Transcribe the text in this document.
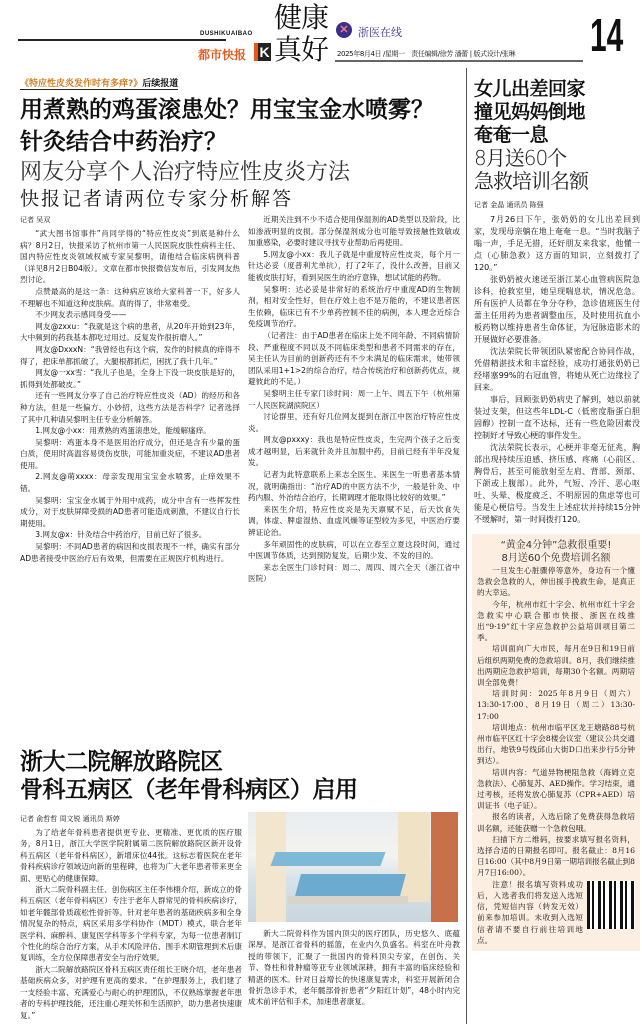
DUSHIKUAIBAO
都市快报 K
健康真好
✕ 浙医在线
2025年8月4日 /星期一　责任编辑/徐芳 潘蕾 | 版式设计/张琳	14
《特应性皮炎发作时有多痒?》后续报道
用煮熟的鸡蛋滚患处？用宝宝金水喷雾？
针灸结合中药治疗？
网友分享个人治疗特应性皮炎方法
快报记者请两位专家分析解答
记者 吴双

“武大图书馆事件”肖同学得的“特应性皮炎”到底是种什么病？8月2日，快报采访了杭州市第一人民医院皮肤性病科主任、国内特应性皮炎领域权威专家吴黎明，请他结合临床病例科普（详见8月2日B04版）。文章在都市快报微信发布后，引发网友热烈讨论。

点赞最高的是这一条：这种病应该给大家科普一下，好多人不理解也不知道这种皮肤病。真的得了，非常难受。

不少网友表示感同身受——

网友@zxxu：“我就是这个病的患者，从20年开始到23年，大中频到的药我基本都吃过用过。反复发作很折磨人。”

网友@DxxxN：“我曾经也有这个病，发作的时候真的痒得不得了，把床单都抓破了，大腿根都抓烂，困扰了我十几年。”

网友@一xx雪：“我儿子也是，全身上下没一块皮肤是好的，抓得到处都破皮。”

还有一些网友分享了自己治疗特应性皮炎（AD）的经历和各种方法，但是一些偏方、小妙招，这些方法是否科学？记者选择了其中几种请吴黎明主任专业分析解答。

1.网友@小xx：用煮熟的鸡蛋滚患处，能缓解瘙痒。

吴黎明：鸡蛋本身不是医用治疗成分，但还是含有少量的蛋白质，使用时高温容易烫伤皮肤，可能加重炎症，不建议AD患者使用。

2.网友@萌xxxx：母亲发现用宝宝金水喷雾，止痒效果不错。

吴黎明：宝宝金水属于外用中成药，成分中含有一些挥发性成分，对于皮肤屏障受损的AD患者可能造成刺激，不建议自行长期使用。

3.网友@x：针灸结合中药治疗，目前已好了很多。

吴黎明：不同AD患者的病因和皮损表现不一样，确实有部分AD患者接受中医治疗后有效果，但需要在正规医疗机构进行。

近期关注到不少不适合使用保湿剂的AD类型以及阶段，比如渗液明显的皮损。部分保湿剂成分也可能导致接触性致敏或加重感染，必要时建议寻找专业帮助后再使用。

5.网友@小xx：我儿子就是中重度特应性皮炎，每个月一针达必妥（度普利尤单抗），打了2年了，没什么改善，目前又能被皮肤打好，看到吴医生的治疗意锋，想试试能的药物。

吴黎明：达必妥是非常好的系统治疗中重度AD的生物制剂，相对安全性好，但在疗效上也不是万能的，不建议患者医生依赖，临床已有不少单药控制不佳的病例，本人理念近综合免疫调节治疗。

（记者注：由于AD患者在临床上处不同年龄、不同病情阶段、严重程度不同以及不同临床类型和患者不同需求的存在，吴主任认为目前的创新药还有不少未满足的临床需求，她带领团队采用1+1>2的综合治疗，结合传统治疗和创新药优点，规避彼此的不足。）

吴黎明主任专家门诊时间：周一上午、周五下午（杭州第一人民医院湖滨院区）

讨论群里，还有好几位网友提到在浙江中医治疗特应性皮炎。

网友@pxxxy：我也是特应性皮炎，生完两个孩子之后变成才越明显，后来就针灸并且加服中药，目前已经有半年没复发。

记者为此特意联系上来志全医生。来医生一听患者基本情况，就明确指出：“治疗AD的中医方法不少，一般是针灸、中药内服、外治结合治疗，长期调理才能取得比较好的效果。”

来医生介绍，特应性皮炎是先天禀赋不足，后天饮食失调，体虚、脾虚湿热、血虚风燥等证型较为多见，中医治疗要辨证论治。

多年顽固性的皮肤病，可以在立春至立夏这段时间，通过中医调节体质，达到预防复发，后期少发、不发的目的。

来志全医生门诊时间：周二、周四、周六全天（浙江省中医院）

女儿出差回家
撞见妈妈倒地
奄奄一息
8月送60个
急救培训名额
记者 金晶 通讯员 陈强

7月26日下午，张奶奶的女儿出差回到家，发现母亲躺在地上奄奄一息。“当时我脑子嗡一声，手足无措，还好朋友来我家，他懂一点（心肺急救）这方面的知识，立刻拨打了120。”

张奶奶被火速送至浙江某心血管病医院急诊科，抢救室里，她呈现喘息状，情况危急。所有医护人员都在争分夺秒，急诊值班医生付蕾主任用药为患者调整血压，及时使用抗血小板药物以维持患者生命体征，为冠脉造影术的开展做好必要准备。

沈法荣院长带领团队紧密配合协同作战，凭借精湛技术和丰富经验，成功打通张奶奶已经堵塞99%的右冠血管，将她从死亡边缘拉了回来。

事后，回顾张奶奶病史了解到，她以前就装过支架，但这些年LDL-C（低密度脂蛋白胆固醇）控制一直不达标，还有一些危险因素没控制好才导致心梗的事件发生。

沈法荣院长表示，心梗并非毫无征兆，胸部出现持续压迫感、挤压感、疼痛（心前区、胸骨后，甚至可能放射至左肩、背部、颈部、下颌或上腹部）。此外，气短、冷汗、恶心呕吐、头晕、极度疲乏、不明原因的焦虑等也可能是心梗信号。当发生上述症状并持续15分钟不缓解时，第一时间拨打120。

“黄金4分钟”急救很重要!
8月送60个免费培训名额

一旦发生心脏骤停等意外，身边有一个懂急救会急救的人，伸出援手挽救生命，是真正的大幸运。

今年，杭州市红十字会、杭州市红十字会急救实中心联合都市快报、浙医在线推出“9·19”红十字应急救护公益培训项目第二季。

培训面向广大市民，每月在9日和19日前后组织两期免费的急救培训。8月，我们继续推出两期应急救护培训，每期30个名额。两期培训全部免费！

培训时间：2025年8月9日（周六）13:30-17:00、8月19日（周二）13:30-17:00

培训地点：杭州市临平区龙王塘路88号杭州市临平区红十字会8楼会议室（建议公共交通出行，地铁9号线邱山大街D口出来步行5分钟到达）。

培训内容：气道异物梗阻急救（海姆立克急救法）、心肺复苏、AED操作。学习结束，通过考核，还将发放心肺复苏（CPR+AED）培训证书（电子证）。

报名的读者，入选后除了免费获得急救培训名额，还能获赠一个急救包哦。

扫描下方二维码，按要求填写报名资料，选择合适的日期报名即可。报名截止：8月16日16:00（其中8月9日第一期培训报名截止到8月7日16:00）。

注意！报名填写资料成功后，入选者我们将发送入选短信，凭短信内容（转发无效）前来参加培训。未收到入选短信者请不要自行前往培训地点。

浙大二院解放路院区
骨科五病区（老年骨科病区）启用
记者 俞哲哲 周文锐 通讯员 斯婷

为了给老年骨科患者提供更专业、更精准、更优质的医疗服务，8月1日，浙江大学医学院附属第二医院解放路院区新开设骨科五病区（老年骨科病区），新增床位44张。这标志着医院在老年骨科疾病诊疗领域迈向新的里程碑，也将为广大老年患者带来更全面、更贴心的健康保障。

浙大二院骨科副主任、创伤病区主任李伟栩介绍，新成立的骨科五病区（老年骨科病区）专注于老年人群常见的骨科疾病诊疗，如老年髋部骨质疏松性骨折等。针对老年患者的基础疾病多和全身情况复杂的特点，病区采用多学科协作（MDT）模式，联合老年医学科、麻醉科、康复医学科等多个学科专家，为每一位患者制订个性化的综合治疗方案，从手术风险评估、围手术期管理到术后康复训练，全方位保障患者安全与治疗效果。

浙大二院解放路院区骨科五病区责任组长王晓介绍，老年患者基础疾病众多，对护理有更高的要求。“在护理服务上，我们建了一支经验丰富、充满爱心与耐心的护理团队，不仅熟练掌握老年患者的专科护理技能，还注重心理关怀和生活照护，助力患者快速康复。”

新大二院骨科作为国内顶尖的医疗团队，历史悠久、底蕴深厚，是浙江省骨科的摇篮，在业内久负盛名。科室在叶舟教授的带领下，汇聚了一批国内的骨科顶尖专家，在创伤、关节、脊柱和骨肿瘤等亚专业领域深耕，拥有丰富的临床经验和精湛的医术。针对日益增长的快速康复需求，科室开展新闭合骨折急诊手术，老年髋部骨折患者“夕阳红计划”，48小时内完成术前评估和手术，加速患者康复。
